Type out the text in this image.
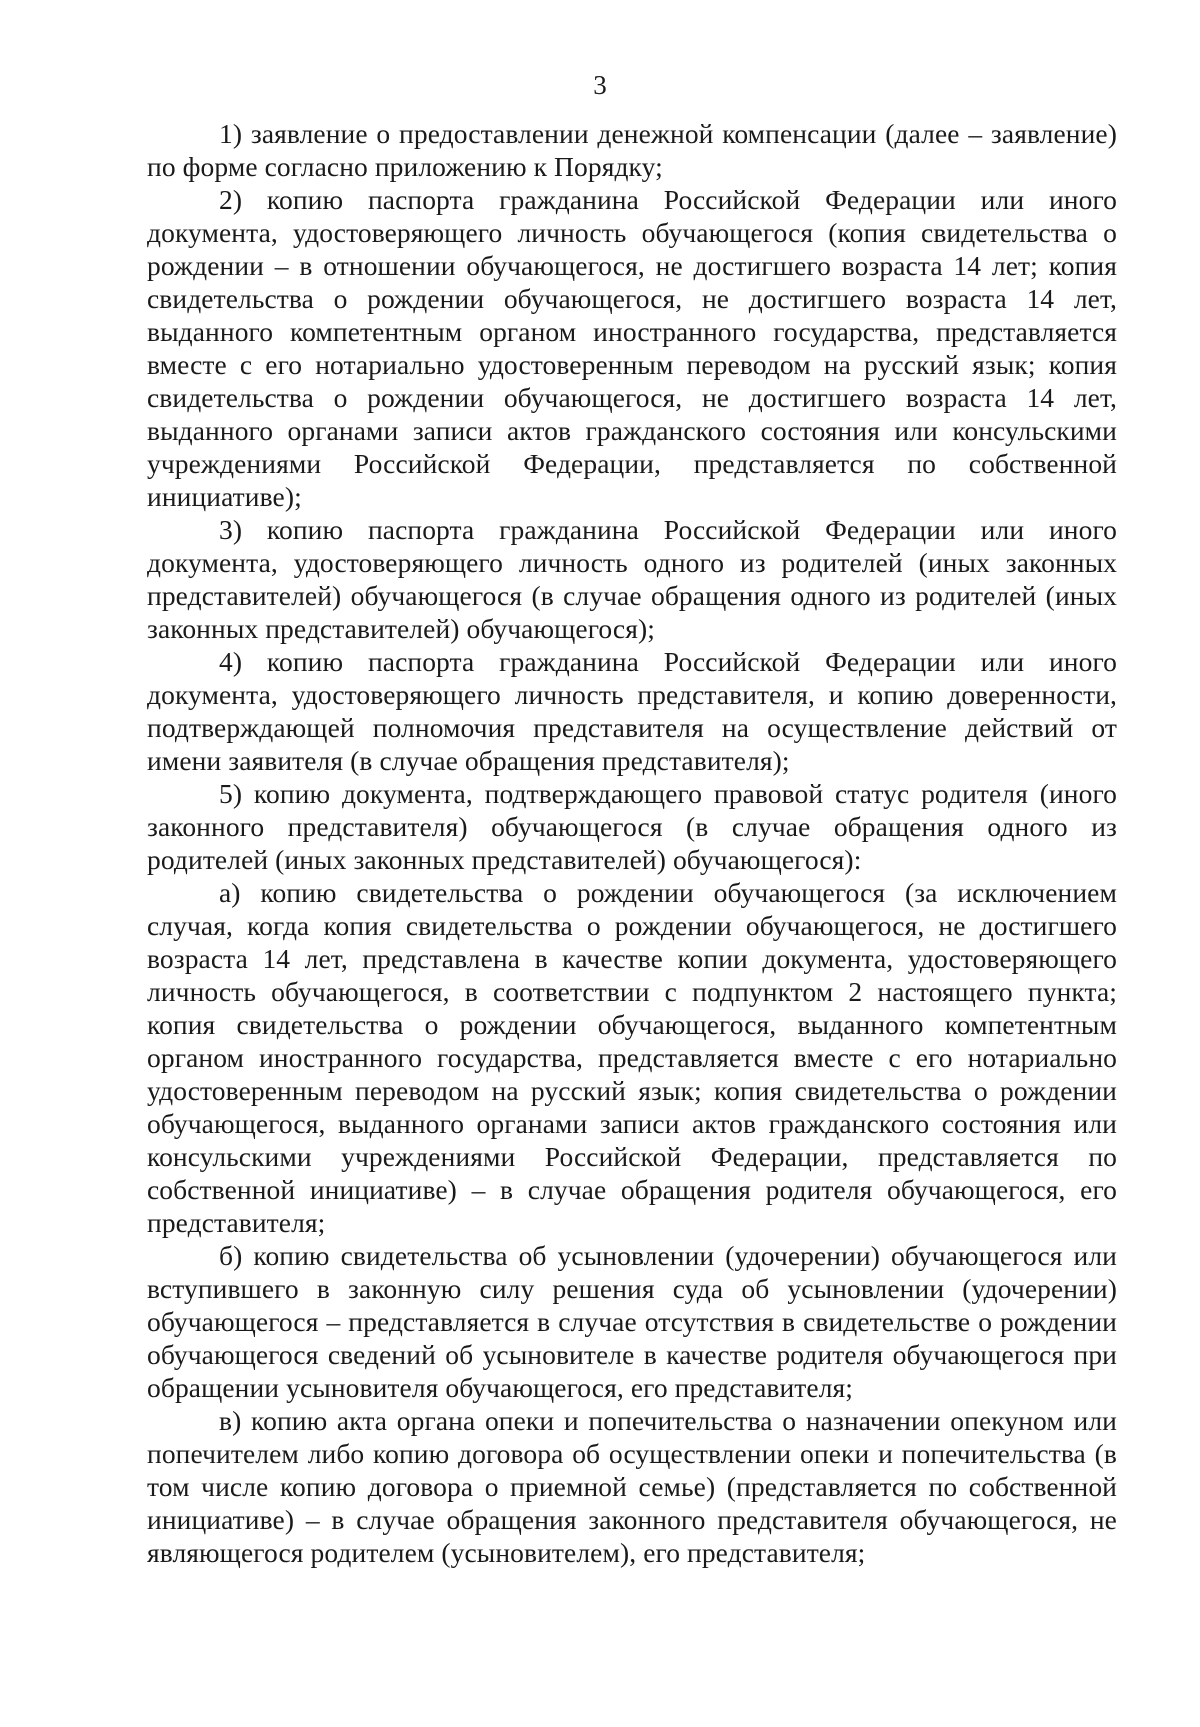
3

1) заявление о предоставлении денежной компенсации (далее – заявление) по форме согласно приложению к Порядку;

2) копию паспорта гражданина Российской Федерации или иного документа, удостоверяющего личность обучающегося (копия свидетельства о рождении – в отношении обучающегося, не достигшего возраста 14 лет; копия свидетельства о рождении обучающегося, не достигшего возраста 14 лет, выданного компетентным органом иностранного государства, представляется вместе с его нотариально удостоверенным переводом на русский язык; копия свидетельства о рождении обучающегося, не достигшего возраста 14 лет, выданного органами записи актов гражданского состояния или консульскими учреждениями Российской Федерации, представляется по собственной инициативе);

3) копию паспорта гражданина Российской Федерации или иного документа, удостоверяющего личность одного из родителей (иных законных представителей) обучающегося (в случае обращения одного из родителей (иных законных представителей) обучающегося);

4) копию паспорта гражданина Российской Федерации или иного документа, удостоверяющего личность представителя, и копию доверенности, подтверждающей полномочия представителя на осуществление действий от имени заявителя (в случае обращения представителя);

5) копию документа, подтверждающего правовой статус родителя (иного законного представителя) обучающегося (в случае обращения одного из родителей (иных законных представителей) обучающегося):

а) копию свидетельства о рождении обучающегося (за исключением случая, когда копия свидетельства о рождении обучающегося, не достигшего возраста 14 лет, представлена в качестве копии документа, удостоверяющего личность обучающегося, в соответствии с подпунктом 2 настоящего пункта; копия свидетельства о рождении обучающегося, выданного компетентным органом иностранного государства, представляется вместе с его нотариально удостоверенным переводом на русский язык; копия свидетельства о рождении обучающегося, выданного органами записи актов гражданского состояния или консульскими учреждениями Российской Федерации, представляется по собственной инициативе) – в случае обращения родителя обучающегося, его представителя;

б) копию свидетельства об усыновлении (удочерении) обучающегося или вступившего в законную силу решения суда об усыновлении (удочерении) обучающегося – представляется в случае отсутствия в свидетельстве о рождении обучающегося сведений об усыновителе в качестве родителя обучающегося при обращении усыновителя обучающегося, его представителя;

в) копию акта органа опеки и попечительства о назначении опекуном или попечителем либо копию договора об осуществлении опеки и попечительства (в том числе копию договора о приемной семье) (представляется по собственной инициативе) – в случае обращения законного представителя обучающегося, не являющегося родителем (усыновителем), его представителя;
